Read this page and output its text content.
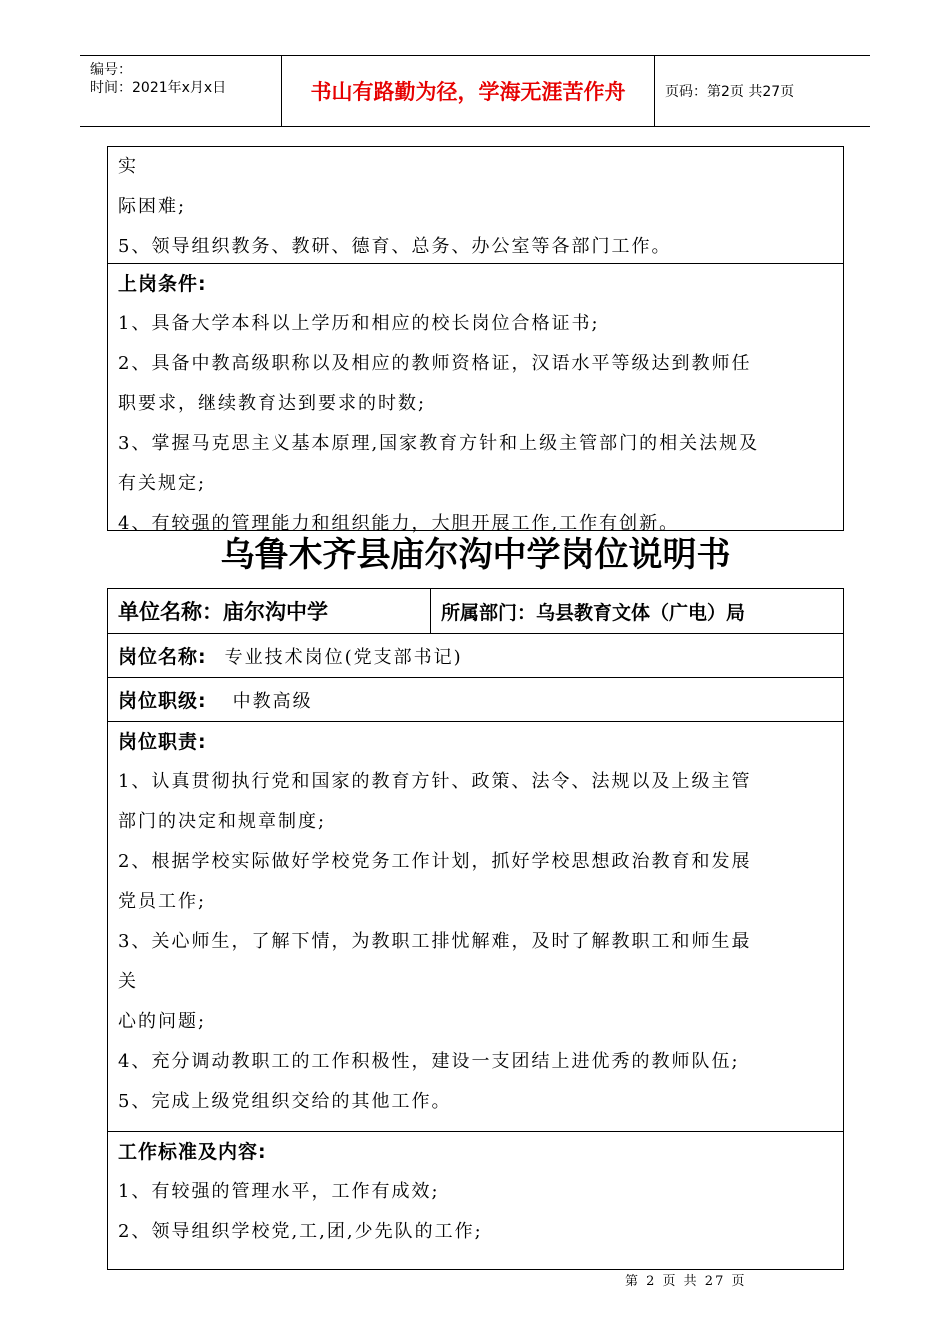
编号：
时间：2021年x月x日	书山有路勤为径，学海无涯苦作舟	页码：第2页 共27页
实
际困难;
5、领导组织教务、教研、德育、总务、办公室等各部门工作。
上岗条件:
1、具备大学本科以上学历和相应的校长岗位合格证书;
2、具备中教高级职称以及相应的教师资格证，汉语水平等级达到教师任
职要求，继续教育达到要求的时数;
3、掌握马克思主义基本原理,国家教育方针和上级主管部门的相关法规及
有关规定;
4、有较强的管理能力和组织能力，大胆开展工作,工作有创新。
乌鲁木齐县庙尔沟中学岗位说明书
单位名称：庙尔沟中学	所属部门：乌县教育文体（广电）局
岗位名称: 专业技术岗位(党支部书记)
岗位职级: 中教高级
岗位职责:
1、认真贯彻执行党和国家的教育方针、政策、法令、法规以及上级主管
部门的决定和规章制度;
2、根据学校实际做好学校党务工作计划，抓好学校思想政治教育和发展
党员工作;
3、关心师生，了解下情，为教职工排忧解难，及时了解教职工和师生最
关
心的问题;
4、充分调动教职工的工作积极性，建设一支团结上进优秀的教师队伍;
5、完成上级党组织交给的其他工作。
工作标准及内容:
1、有较强的管理水平，工作有成效;
2、领导组织学校党,工,团,少先队的工作;
第 2 页 共 27 页
